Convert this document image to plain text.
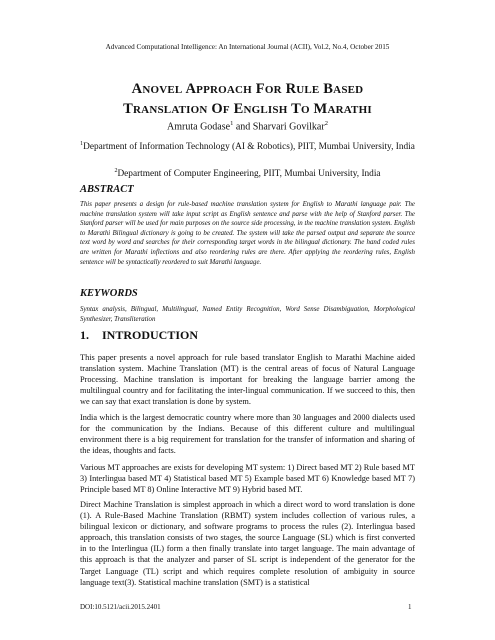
Advanced Computational Intelligence: An International Journal (ACII), Vol.2, No.4, October 2015
ANOVEL APPROACH FOR RULE BASED
TRANSLATION OF ENGLISH TO MARATHI
Amruta Godase$^1$ and Sharvari Govilkar$^2$
$^1$Department of Information Technology (AI & Robotics), PIIT, Mumbai University, India
$^2$Department of Computer Engineering, PIIT, Mumbai University, India
ABSTRACT
This paper presents a design for rule-based machine translation system for English to Marathi language pair. The machine translation system will take input script as English sentence and parse with the help of Stanford parser. The Stanford parser will be used for main purposes on the source side processing, in the machine translation system. English to Marathi Bilingual dictionary is going to be created. The system will take the parsed output and separate the source text word by word and searches for their corresponding target words in the bilingual dictionary. The hand coded rules are written for Marathi inflections and also reordering rules are there. After applying the reordering rules, English sentence will be syntactically reordered to suit Marathi language.
KEYWORDS
Syntax analysis, Bilingual, Multilingual, Named Entity Recognition, Word Sense Disambiguation, Morphological Synthesizer, Transliteration
1. INTRODUCTION
This paper presents a novel approach for rule based translator English to Marathi Machine aided translation system. Machine Translation (MT) is the central areas of focus of Natural Language Processing. Machine translation is important for breaking the language barrier among the multilingual country and for facilitating the inter-lingual communication. If we succeed to this, then we can say that exact translation is done by system.
India which is the largest democratic country where more than 30 languages and 2000 dialects used for the communication by the Indians. Because of this different culture and multilingual environment there is a big requirement for translation for the transfer of information and sharing of the ideas, thoughts and facts.
Various MT approaches are exists for developing MT system: 1) Direct based MT 2) Rule based MT 3) Interlingua based MT 4) Statistical based MT 5) Example based MT 6) Knowledge based MT 7) Principle based MT 8) Online Interactive MT 9) Hybrid based MT.
Direct Machine Translation is simplest approach in which a direct word to word translation is done (1). A Rule-Based Machine Translation (RBMT) system includes collection of various rules, a bilingual lexicon or dictionary, and software programs to process the rules (2). Interlingua based approach, this translation consists of two stages, the source Language (SL) which is first converted in to the Interlingua (IL) form a then finally translate into target language. The main advantage of this approach is that the analyzer and parser of SL script is independent of the generator for the Target Language (TL) script and which requires complete resolution of ambiguity in source language text(3). Statistical machine translation (SMT) is a statistical
DOI:10.5121/acii.2015.2401	1
